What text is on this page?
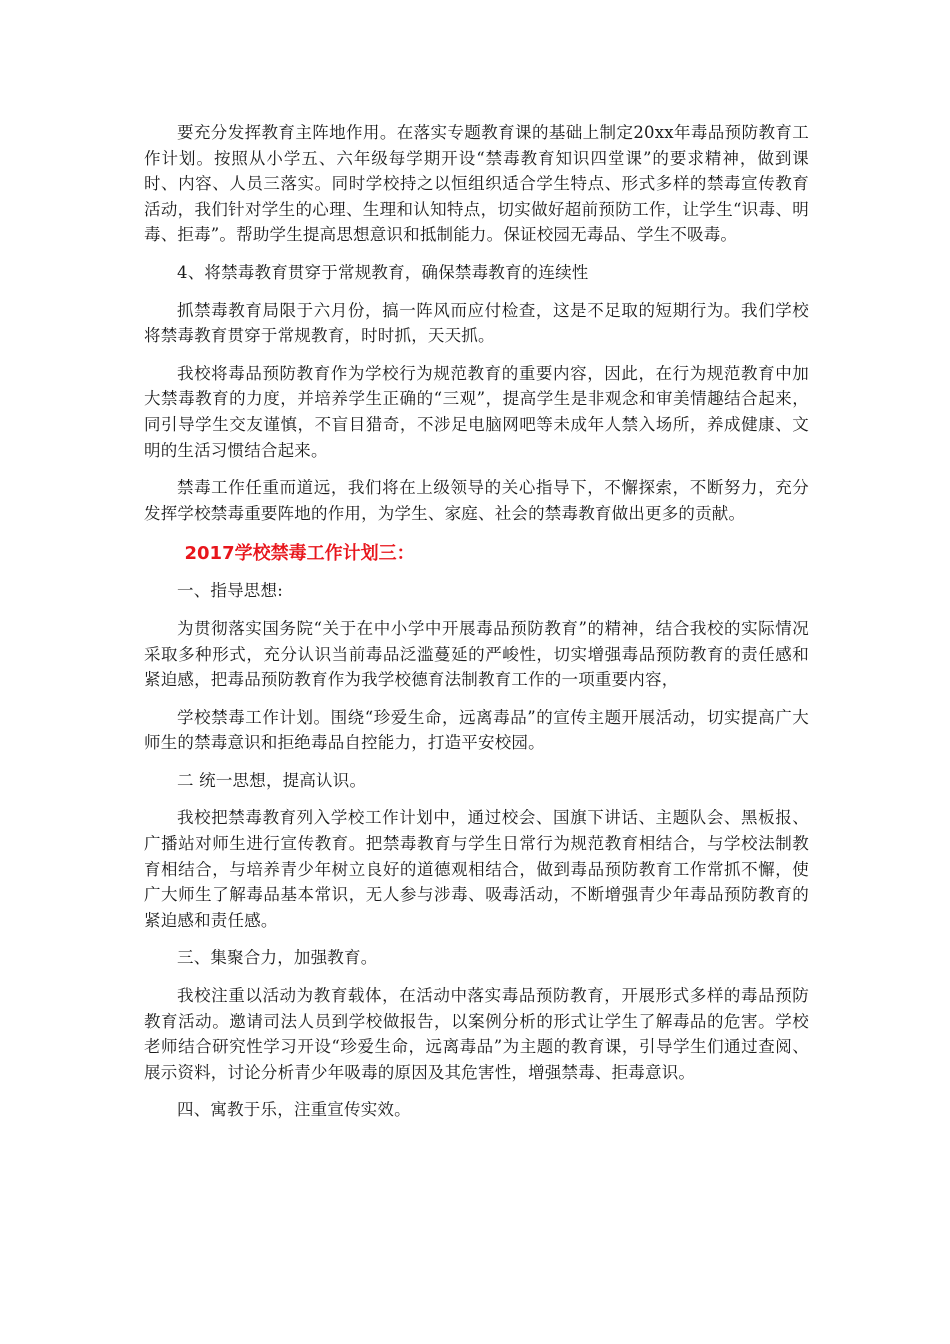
要充分发挥教育主阵地作用。在落实专题教育课的基础上制定20xx年毒品预防教育工作计划。按照从小学五、六年级每学期开设“禁毒教育知识四堂课”的要求精神，做到课时、内容、人员三落实。同时学校持之以恒组织适合学生特点、形式多样的禁毒宣传教育活动，我们针对学生的心理、生理和认知特点，切实做好超前预防工作，让学生“识毒、明毒、拒毒”。帮助学生提高思想意识和抵制能力。保证校园无毒品、学生不吸毒。

4、将禁毒教育贯穿于常规教育，确保禁毒教育的连续性

抓禁毒教育局限于六月份，搞一阵风而应付检查，这是不足取的短期行为。我们学校将禁毒教育贯穿于常规教育，时时抓，天天抓。

我校将毒品预防教育作为学校行为规范教育的重要内容，因此，在行为规范教育中加大禁毒教育的力度，并培养学生正确的“三观”，提高学生是非观念和审美情趣结合起来，同引导学生交友谨慎，不盲目猎奇，不涉足电脑网吧等未成年人禁入场所，养成健康、文明的生活习惯结合起来。

禁毒工作任重而道远，我们将在上级领导的关心指导下，不懈探索，不断努力，充分发挥学校禁毒重要阵地的作用，为学生、家庭、社会的禁毒教育做出更多的贡献。

2017学校禁毒工作计划三：

一、指导思想:

为贯彻落实国务院“关于在中小学中开展毒品预防教育”的精神，结合我校的实际情况采取多种形式，充分认识当前毒品泛滥蔓延的严峻性，切实增强毒品预防教育的责任感和紧迫感，把毒品预防教育作为我学校德育法制教育工作的一项重要内容，

学校禁毒工作计划。围绕“珍爱生命，远离毒品”的宣传主题开展活动，切实提高广大师生的禁毒意识和拒绝毒品自控能力，打造平安校园。

二 统一思想，提高认识。

我校把禁毒教育列入学校工作计划中，通过校会、国旗下讲话、主题队会、黑板报、广播站对师生进行宣传教育。把禁毒教育与学生日常行为规范教育相结合，与学校法制教育相结合，与培养青少年树立良好的道德观相结合，做到毒品预防教育工作常抓不懈，使广大师生了解毒品基本常识，无人参与涉毒、吸毒活动，不断增强青少年毒品预防教育的紧迫感和责任感。

三、集聚合力，加强教育。

我校注重以活动为教育载体，在活动中落实毒品预防教育，开展形式多样的毒品预防教育活动。邀请司法人员到学校做报告，以案例分析的形式让学生了解毒品的危害。学校老师结合研究性学习开设“珍爱生命，远离毒品”为主题的教育课，引导学生们通过查阅、展示资料，讨论分析青少年吸毒的原因及其危害性，增强禁毒、拒毒意识。

四、寓教于乐，注重宣传实效。
